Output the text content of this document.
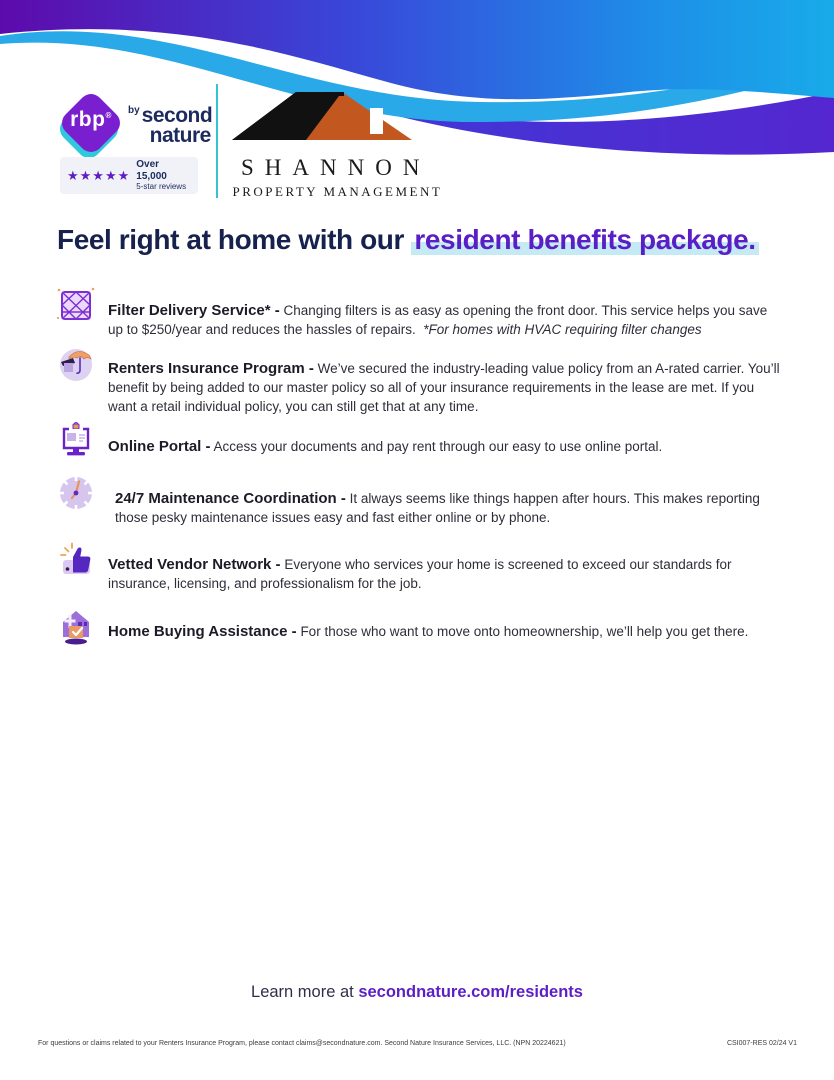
rbp®	$^{by}$ second
nature
★★★★★
Over 15,000
5-star reviews
SHANNON
PROPERTY MANAGEMENT
Feel right at home with our resident benefits package.

Filter Delivery Service* - Changing filters is as easy as opening the front door. This service helps you save up to $250/year and reduces the hassles of repairs. *For homes with HVAC requiring filter changes

Renters Insurance Program - We’ve secured the industry-leading value policy from an A-rated carrier. You’ll benefit by being added to our master policy so all of your insurance requirements in the lease are met. If you want a retail individual policy, you can still get that at any time.

Online Portal - Access your documents and pay rent through our easy to use online portal.

24/7 Maintenance Coordination - It always seems like things happen after hours. This makes reporting those pesky maintenance issues easy and fast either online or by phone.

Vetted Vendor Network - Everyone who services your home is screened to exceed our standards for insurance, licensing, and professionalism for the job.

Home Buying Assistance - For those who want to move onto homeownership, we’ll help you get there.

Learn more at secondnature.com/residents
For questions or claims related to your Renters Insurance Program, please contact claims@secondnature.com. Second Nature Insurance Services, LLC. (NPN 20224621)	CSI007-RES 02/24 V1
